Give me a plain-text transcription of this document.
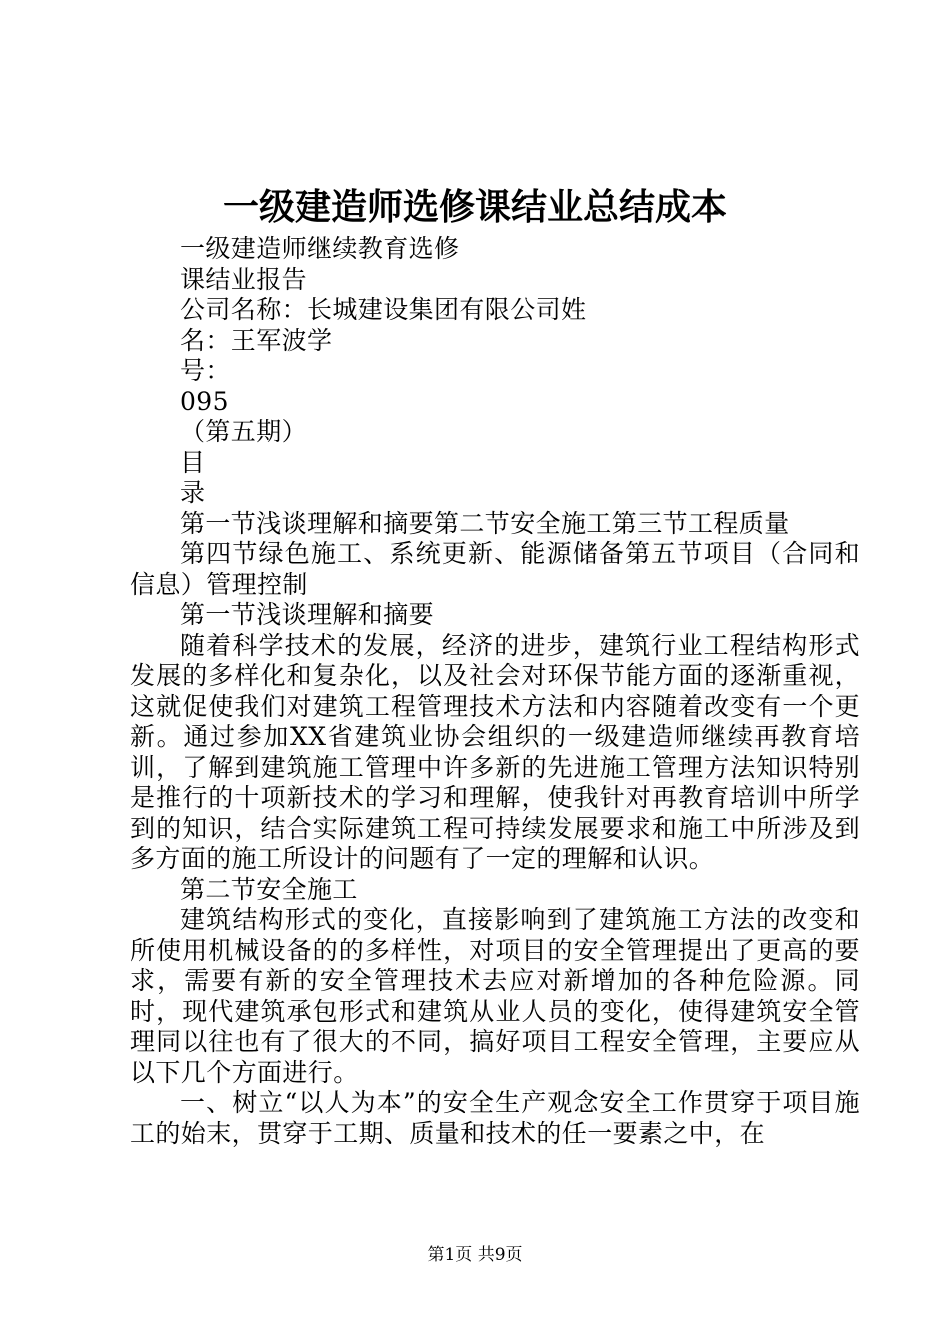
一级建造师选修课结业总结成本

一级建造师继续教育选修

课结业报告

公司名称：长城建设集团有限公司姓

名：王军波学

号：

095

（第五期）

目

录

第一节浅谈理解和摘要第二节安全施工第三节工程质量

第四节绿色施工、系统更新、能源储备第五节项目（合同和信息）管理控制

第一节浅谈理解和摘要

随着科学技术的发展，经济的进步，建筑行业工程结构形式发展的多样化和复杂化，以及社会对环保节能方面的逐渐重视，这就促使我们对建筑工程管理技术方法和内容随着改变有一个更新。通过参加XX省建筑业协会组织的一级建造师继续再教育培训，了解到建筑施工管理中许多新的先进施工管理方法知识特别是推行的十项新技术的学习和理解，使我针对再教育培训中所学到的知识，结合实际建筑工程可持续发展要求和施工中所涉及到多方面的施工所设计的问题有了一定的理解和认识。

第二节安全施工

建筑结构形式的变化，直接影响到了建筑施工方法的改变和所使用机械设备的的多样性，对项目的安全管理提出了更高的要求，需要有新的安全管理技术去应对新增加的各种危险源。同时，现代建筑承包形式和建筑从业人员的变化，使得建筑安全管理同以往也有了很大的不同，搞好项目工程安全管理，主要应从以下几个方面进行。

一、树立“以人为本”的安全生产观念安全工作贯穿于项目施工的始末，贯穿于工期、质量和技术的任一要素之中，在

第1页 共9页
